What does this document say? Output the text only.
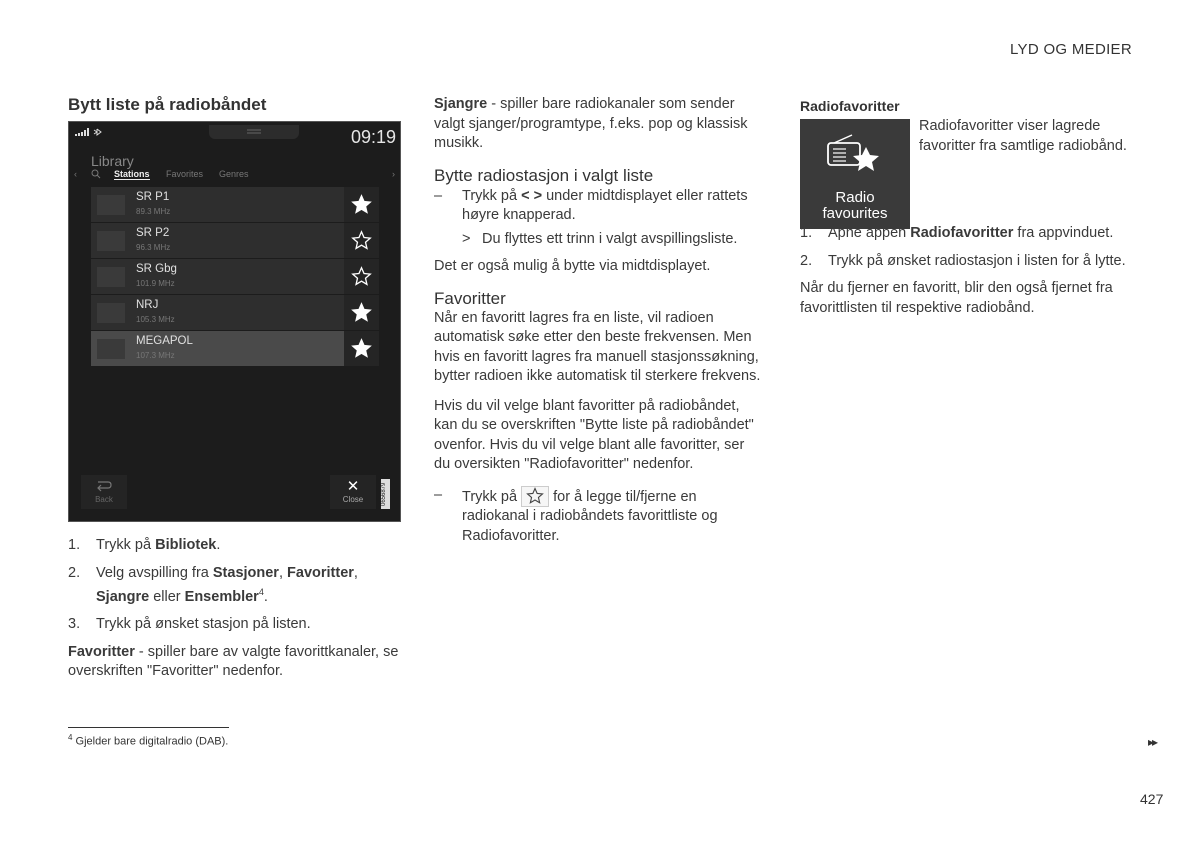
LYD OG MEDIER
Bytt liste på radiobåndet
09:19
Library
‹	Stations Favorites Genres	›
SR P1
89.3 MHz
SR P2
96.3 MHz
SR Gbg
101.9 MHz
NRJ
105.3 MHz
MEGAPOL
107.3 MHz
Back
✕
Close	0656879
1. Trykk på Bibliotek.
2. Velg avspilling fra Stasjoner, Favoritter, Sjangre eller Ensembler$^4$.
3. Trykk på ønsket stasjon på listen.

Favoritter - spiller bare av valgte favorittkanaler, se overskriften "Favoritter" nedenfor.

Sjangre - spiller bare radiokanaler som sender valgt sjanger/programtype, f.eks. pop og klassisk musikk.

Bytte radiostasjon i valgt liste
– Trykk på < > under midtdisplayet eller rattets høyre knapperad.
> Du flyttes ett trinn i valgt avspillingsliste.

Det er også mulig å bytte via midtdisplayet.

Favoritter

Når en favoritt lagres fra en liste, vil radioen automatisk søke etter den beste frekvensen. Men hvis en favoritt lagres fra manuell stasjonssøkning, bytter radioen ikke automatisk til sterkere frekvens.

Hvis du vil velge blant favoritter på radiobåndet, kan du se overskriften "Bytte liste på radiobåndet" ovenfor. Hvis du vil velge blant alle favoritter, ser du oversikten "Radiofavoritter" nedenfor.

– Trykk på  for å legge til/fjerne en radiokanal i radiobåndets favorittliste og Radiofavoritter.
Radiofavoritter
Radio
favourites

Radiofavoritter viser lagrede favoritter fra samtlige radiobånd.

1. Åpne appen Radiofavoritter fra appvinduet.
2. Trykk på ønsket radiostasjon i listen for å lytte.

Når du fjerner en favoritt, blir den også fjernet fra favorittlisten til respektive radiobånd.

$^4$ Gjelder bare digitalradio (DAB).	▸▸
427
